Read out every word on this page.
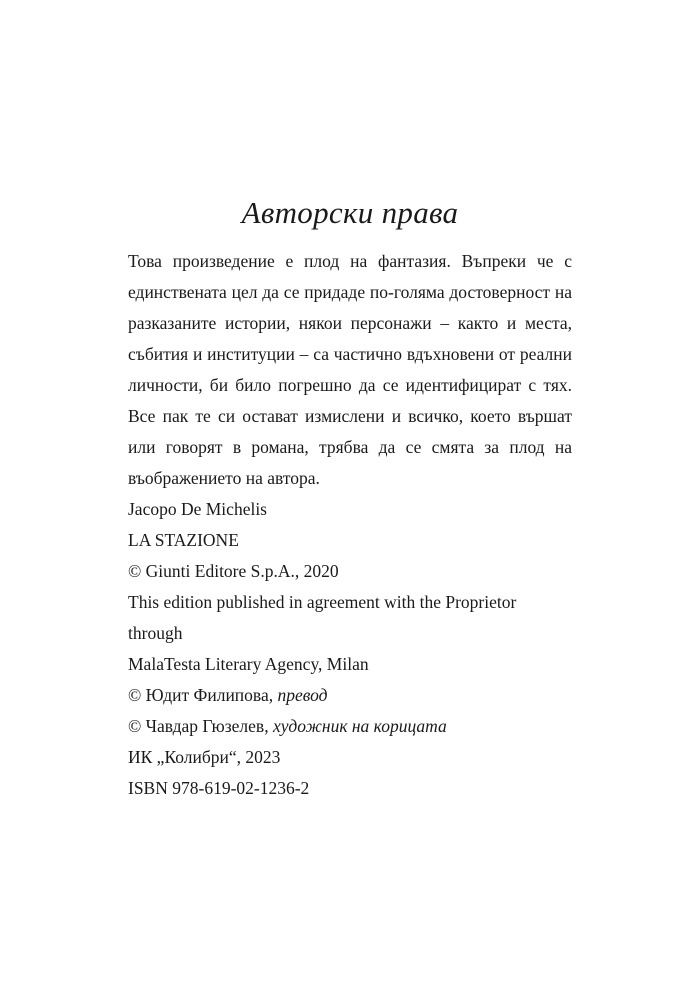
Авторски права

Това произведение е плод на фантазия. Въпреки че с единствената цел да се придаде по-голяма достоверност на разказаните истории, някои персонажи – както и места, събития и институции – са частично вдъхновени от реални личности, би било погрешно да се идентифицират с тях. Все пак те си остават измислени и всичко, което вършат или говорят в романа, трябва да се смята за плод на въображението на автора.

Jacopo De Michelis
LA STAZIONE
© Giunti Editore S.p.A., 2020
This edition published in agreement with the Proprietor
through
MalaTesta Literary Agency, Milan
© Юдит Филипова, превод
© Чавдар Гюзелев, художник на корицата
ИК „Колибри“, 2023
ISBN 978-619-02-1236-2
